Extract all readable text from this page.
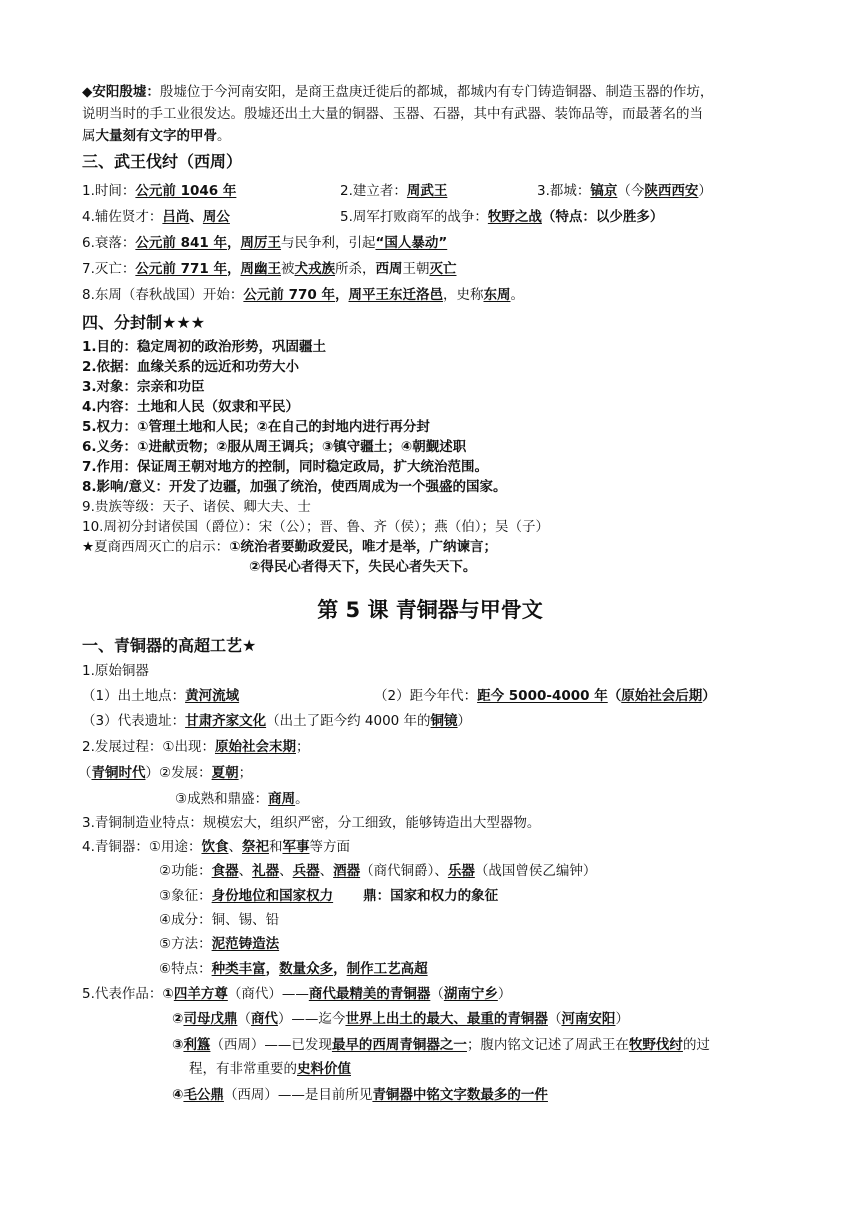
◆安阳殷墟：殷墟位于今河南安阳，是商王盘庚迁徙后的都城，都城内有专门铸造铜器、制造玉器的作坊，
说明当时的手工业很发达。殷墟还出土大量的铜器、玉器、石器，其中有武器、装饰品等，而最著名的当
属大量刻有文字的甲骨。
三、武王伐纣（西周）
1.时间：公元前 1046 年	2.建立者：周武王	3.都城：镐京（今陕西西安）
4.辅佐贤才：吕尚、周公	5.周军打败商军的战争：牧野之战（特点：以少胜多）
6.衰落：公元前 841 年，周厉王与民争利，引起“国人暴动”
7.灭亡：公元前 771 年，周幽王被犬戎族所杀，西周王朝灭亡
8.东周（春秋战国）开始：公元前 770 年，周平王东迁洛邑，史称东周。
四、分封制★★★
1.目的：稳定周初的政治形势，巩固疆土
2.依据：血缘关系的远近和功劳大小
3.对象：宗亲和功臣
4.内容：土地和人民（奴隶和平民）
5.权力：①管理土地和人民；②在自己的封地内进行再分封
6.义务：①进献贡物；②服从周王调兵；③镇守疆土；④朝觐述职
7.作用：保证周王朝对地方的控制，同时稳定政局，扩大统治范围。
8.影响/意义：开发了边疆，加强了统治，使西周成为一个强盛的国家。
9.贵族等级：天子、诸侯、卿大夫、士
10.周初分封诸侯国（爵位）：宋（公）；晋、鲁、齐（侯）；燕（伯）；吴（子）
★夏商西周灭亡的启示：①统治者要勤政爱民，唯才是举，广纳谏言；
②得民心者得天下，失民心者失天下。
第 5 课 青铜器与甲骨文
一、青铜器的高超工艺★
1.原始铜器
（1）出土地点：黄河流域	（2）距今年代：距今 5000-4000 年（原始社会后期）
（3）代表遗址：甘肃齐家文化（出土了距今约 4000 年的铜镜）
2.发展过程：①出现：原始社会末期；
（青铜时代）②发展：夏朝；
③成熟和鼎盛：商周。
3.青铜制造业特点：规模宏大，组织严密，分工细致，能够铸造出大型器物。
4.青铜器：①用途：饮食、祭祀和军事等方面
②功能：食器、礼器、兵器、酒器（商代铜爵）、乐器（战国曾侯乙编钟）
③象征：身份地位和国家权力 鼎：国家和权力的象征
④成分：铜、锡、铅
⑤方法：泥范铸造法
⑥特点：种类丰富，数量众多，制作工艺高超
5.代表作品：①四羊方尊（商代）——商代最精美的青铜器（湖南宁乡）
②司母戊鼎（商代）——迄今世界上出土的最大、最重的青铜器（河南安阳）
③利簋（西周）——已发现最早的西周青铜器之一；腹内铭文记述了周武王在牧野伐纣的过
程，有非常重要的史料价值
④毛公鼎（西周）——是目前所见青铜器中铭文字数最多的一件
